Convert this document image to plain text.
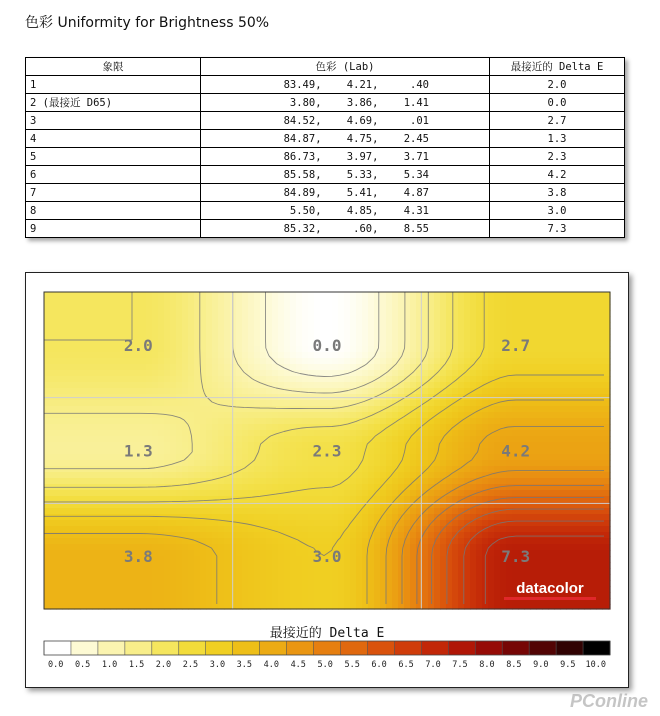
色彩 Uniformity for Brightness 50%
象限	色彩 (Lab)	最接近的 Delta E
1	83.49,    4.21,     .40	2.0
2 (最接近 D65)	3.80,    3.86,    1.41	0.0
3	84.52,    4.69,     .01	2.7
4	84.87,    4.75,    2.45	1.3
5	86.73,    3.97,    3.71	2.3
6	85.58,    5.33,    5.34	4.2
7	84.89,    5.41,    4.87	3.8
8	5.50,    4.85,    4.31	3.0
9	85.32,     .60,    8.55	7.3
2.0	0.0	2.7
1.3	2.3	4.2
3.8	3.0	7.3
datacolor
最接近的 Delta E
0.0 0.5 1.0 1.5 2.0 2.5 3.0 3.5 4.0 4.5 5.0 5.5 6.0 6.5 7.0 7.5 8.0 8.5 9.0 9.5 10.0
PConline
